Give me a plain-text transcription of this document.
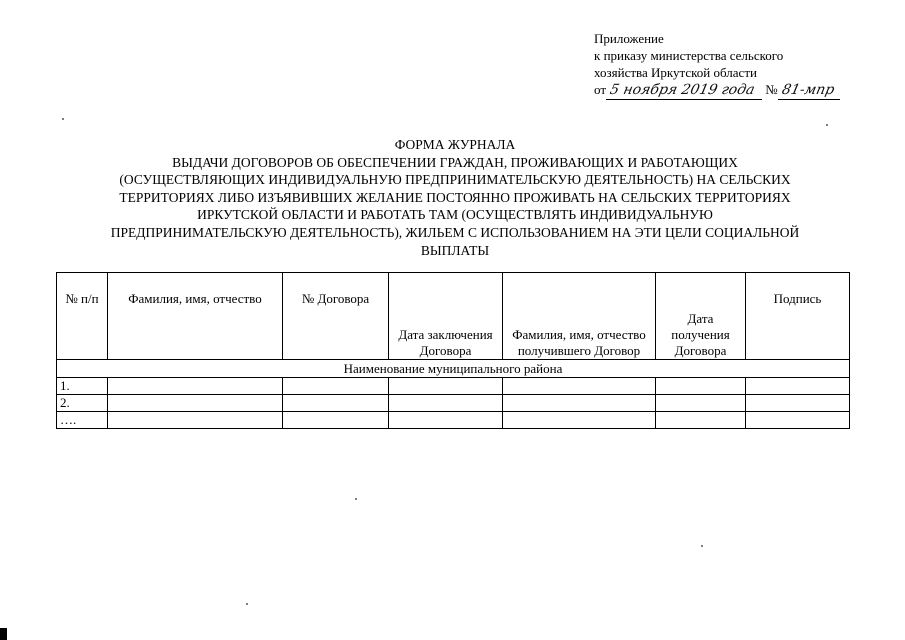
Приложение
к приказу министерства сельского
хозяйства Иркутской области
от 5 ноября 2019 года № 81-мпр
ФОРМА ЖУРНАЛА
ВЫДАЧИ ДОГОВОРОВ ОБ ОБЕСПЕЧЕНИИ ГРАЖДАН, ПРОЖИВАЮЩИХ И РАБОТАЮЩИХ
(ОСУЩЕСТВЛЯЮЩИХ ИНДИВИДУАЛЬНУЮ ПРЕДПРИНИМАТЕЛЬСКУЮ ДЕЯТЕЛЬНОСТЬ) НА СЕЛЬСКИХ
ТЕРРИТОРИЯХ ЛИБО ИЗЪЯВИВШИХ ЖЕЛАНИЕ ПОСТОЯННО ПРОЖИВАТЬ НА СЕЛЬСКИХ ТЕРРИТОРИЯХ
ИРКУТСКОЙ ОБЛАСТИ И РАБОТАТЬ ТАМ (ОСУЩЕСТВЛЯТЬ ИНДИВИДУАЛЬНУЮ
ПРЕДПРИНИМАТЕЛЬСКУЮ ДЕЯТЕЛЬНОСТЬ), ЖИЛЬЕМ С ИСПОЛЬЗОВАНИЕМ НА ЭТИ ЦЕЛИ СОЦИАЛЬНОЙ
ВЫПЛАТЫ
№ п/п	Фамилия, имя, отчество	№ Договора	Дата заключения Договора	Фамилия, имя, отчество получившего Договор	Дата получения Договора	Подпись
Наименование муниципального района						
1.						
2.						
….						
